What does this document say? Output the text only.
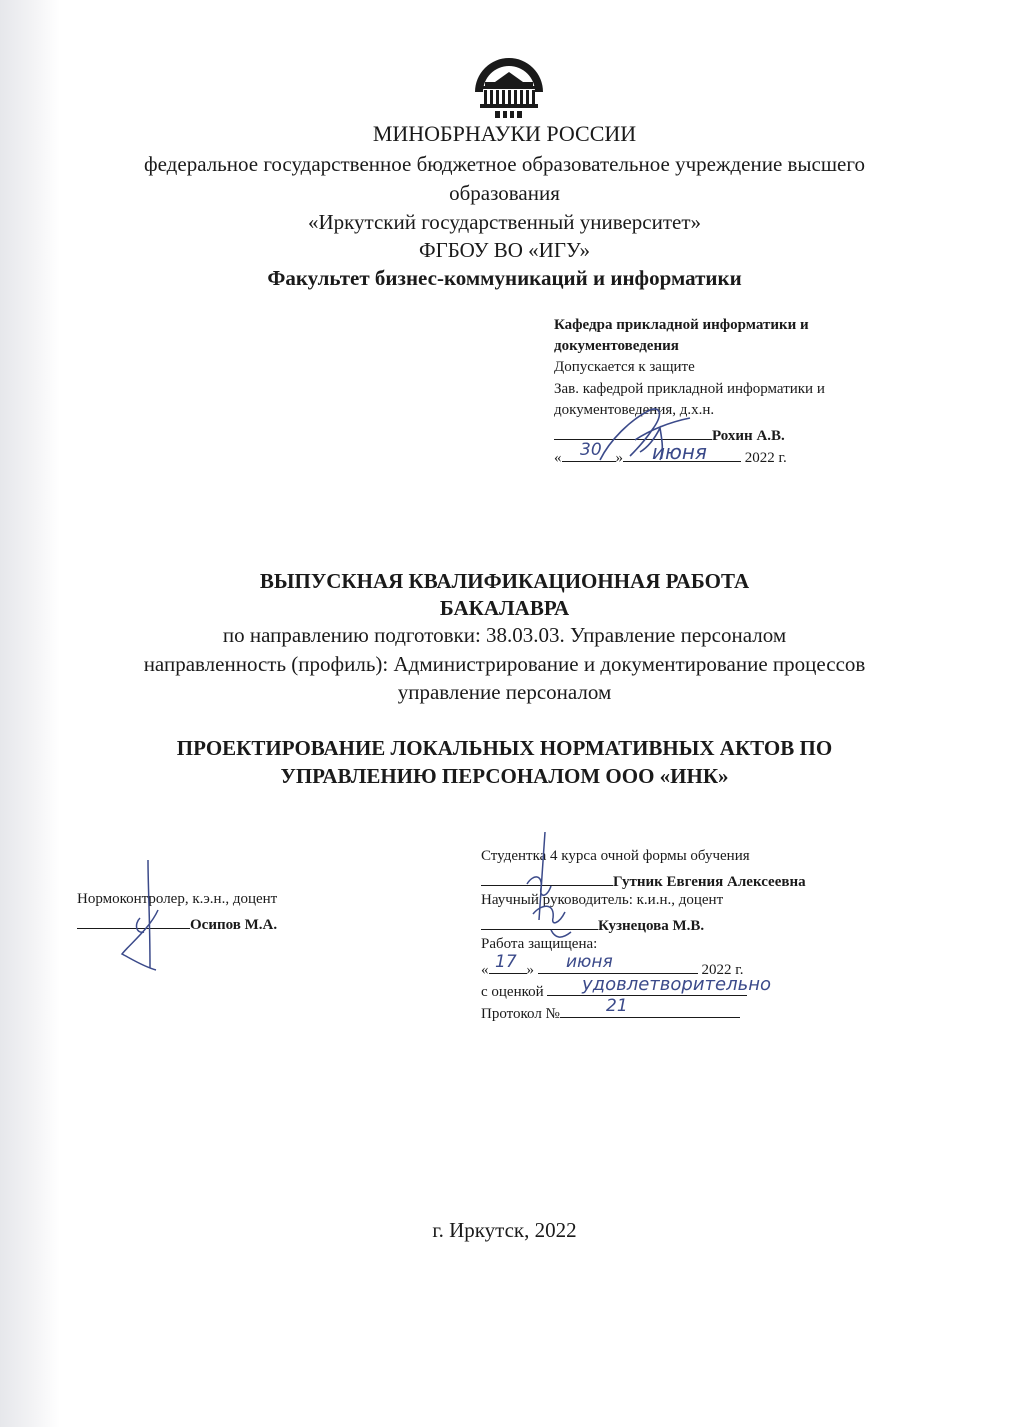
МИНОБРНАУКИ РОССИИ
федеральное государственное бюджетное образовательное учреждение высшего
образования
«Иркутский государственный университет»
ФГБОУ ВО «ИГУ»
Факультет бизнес-коммуникаций и информатики
Кафедра прикладной информатики и
документоведения
Допускается к защите
Зав. кафедрой прикладной информатики и
документоведения, д.х.н.
Рохин А.В.
«	»	2022 г.
30	июня
ВЫПУСКНАЯ КВАЛИФИКАЦИОННАЯ РАБОТА
БАКАЛАВРА
по направлению подготовки: 38.03.03. Управление персоналом
направленность (профиль): Администрирование и документирование процессов
управление персоналом
ПРОЕКТИРОВАНИЕ ЛОКАЛЬНЫХ НОРМАТИВНЫХ АКТОВ ПО
УПРАВЛЕНИЮ ПЕРСОНАЛОМ ООО «ИНК»
Нормоконтролер, к.э.н., доцент
Осипов М.А.
Студентка 4 курса очной формы обучения
Гутник Евгения Алексеевна
Научный руководитель: к.и.н., доцент
Кузнецова М.В.
Работа защищена:
«	»	2022 г.
с оценкой
Протокол №
17	июня
удовлетворительно
21
г. Иркутск, 2022
